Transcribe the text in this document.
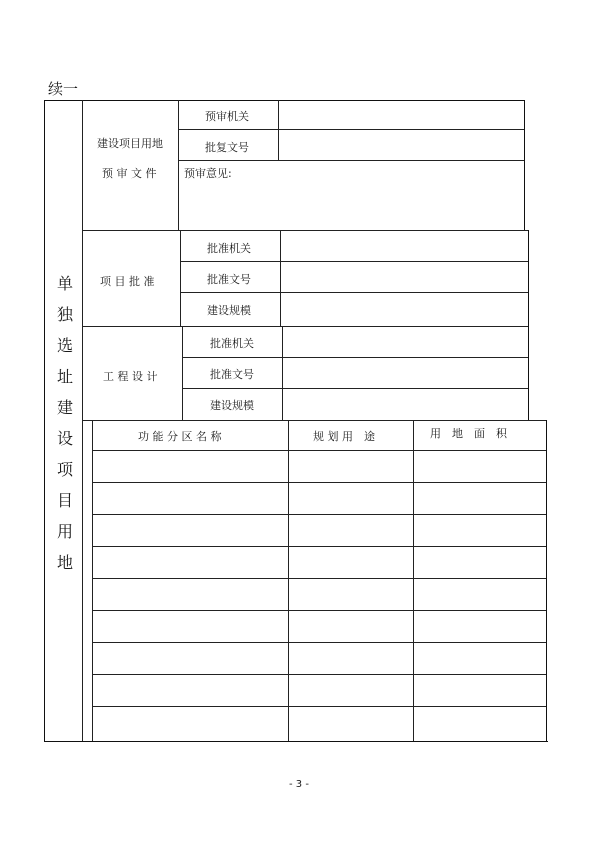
续一
单
独
选
址
建
设
项
目
用
地
建设项目用地
预 审 文 件
预审机关
批复文号
预审意见:
项 目 批 准
批准机关
批准文号
建设规模
工 程 设 计
批准机关
批准文号
建设规模
功 能 分 区 名 称	规 划 用　途	用　地　面　积
- 3 -
